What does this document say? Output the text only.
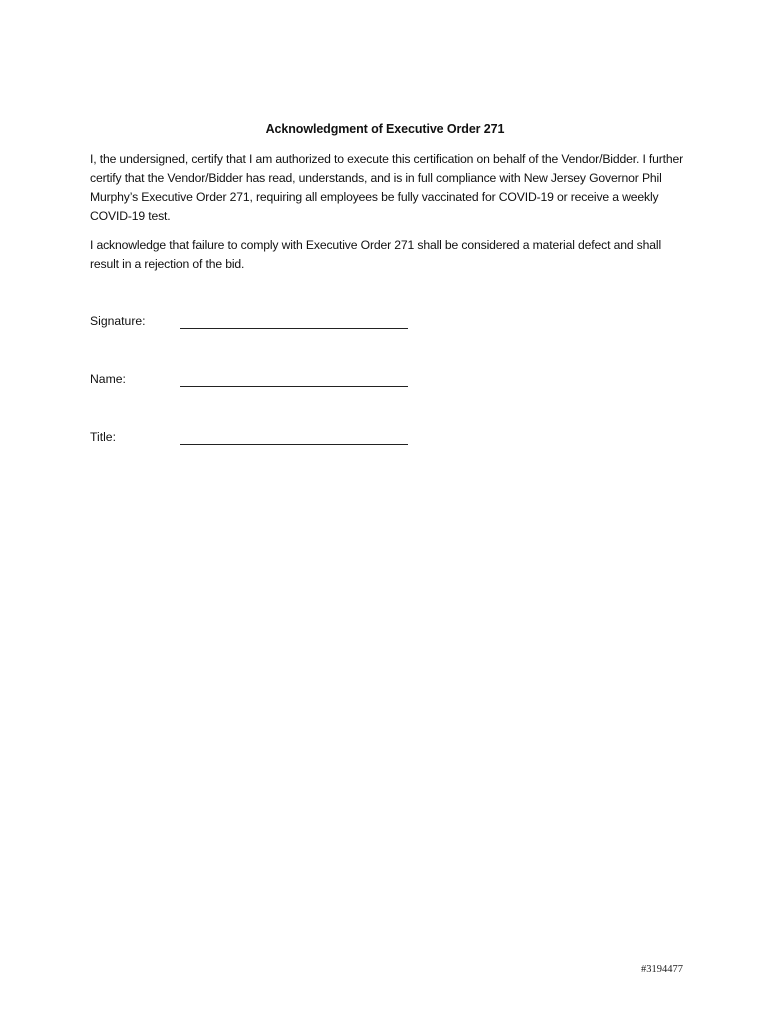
Acknowledgment of Executive Order 271
I, the undersigned, certify that I am authorized to execute this certification on behalf of the Vendor/Bidder. I further certify that the Vendor/Bidder has read, understands, and is in full compliance with New Jersey Governor Phil Murphy’s Executive Order 271, requiring all employees be fully vaccinated for COVID-19 or receive a weekly COVID-19 test.
I acknowledge that failure to comply with Executive Order 271 shall be considered a material defect and shall result in a rejection of the bid.
Signature:
Name:
Title:
#3194477
